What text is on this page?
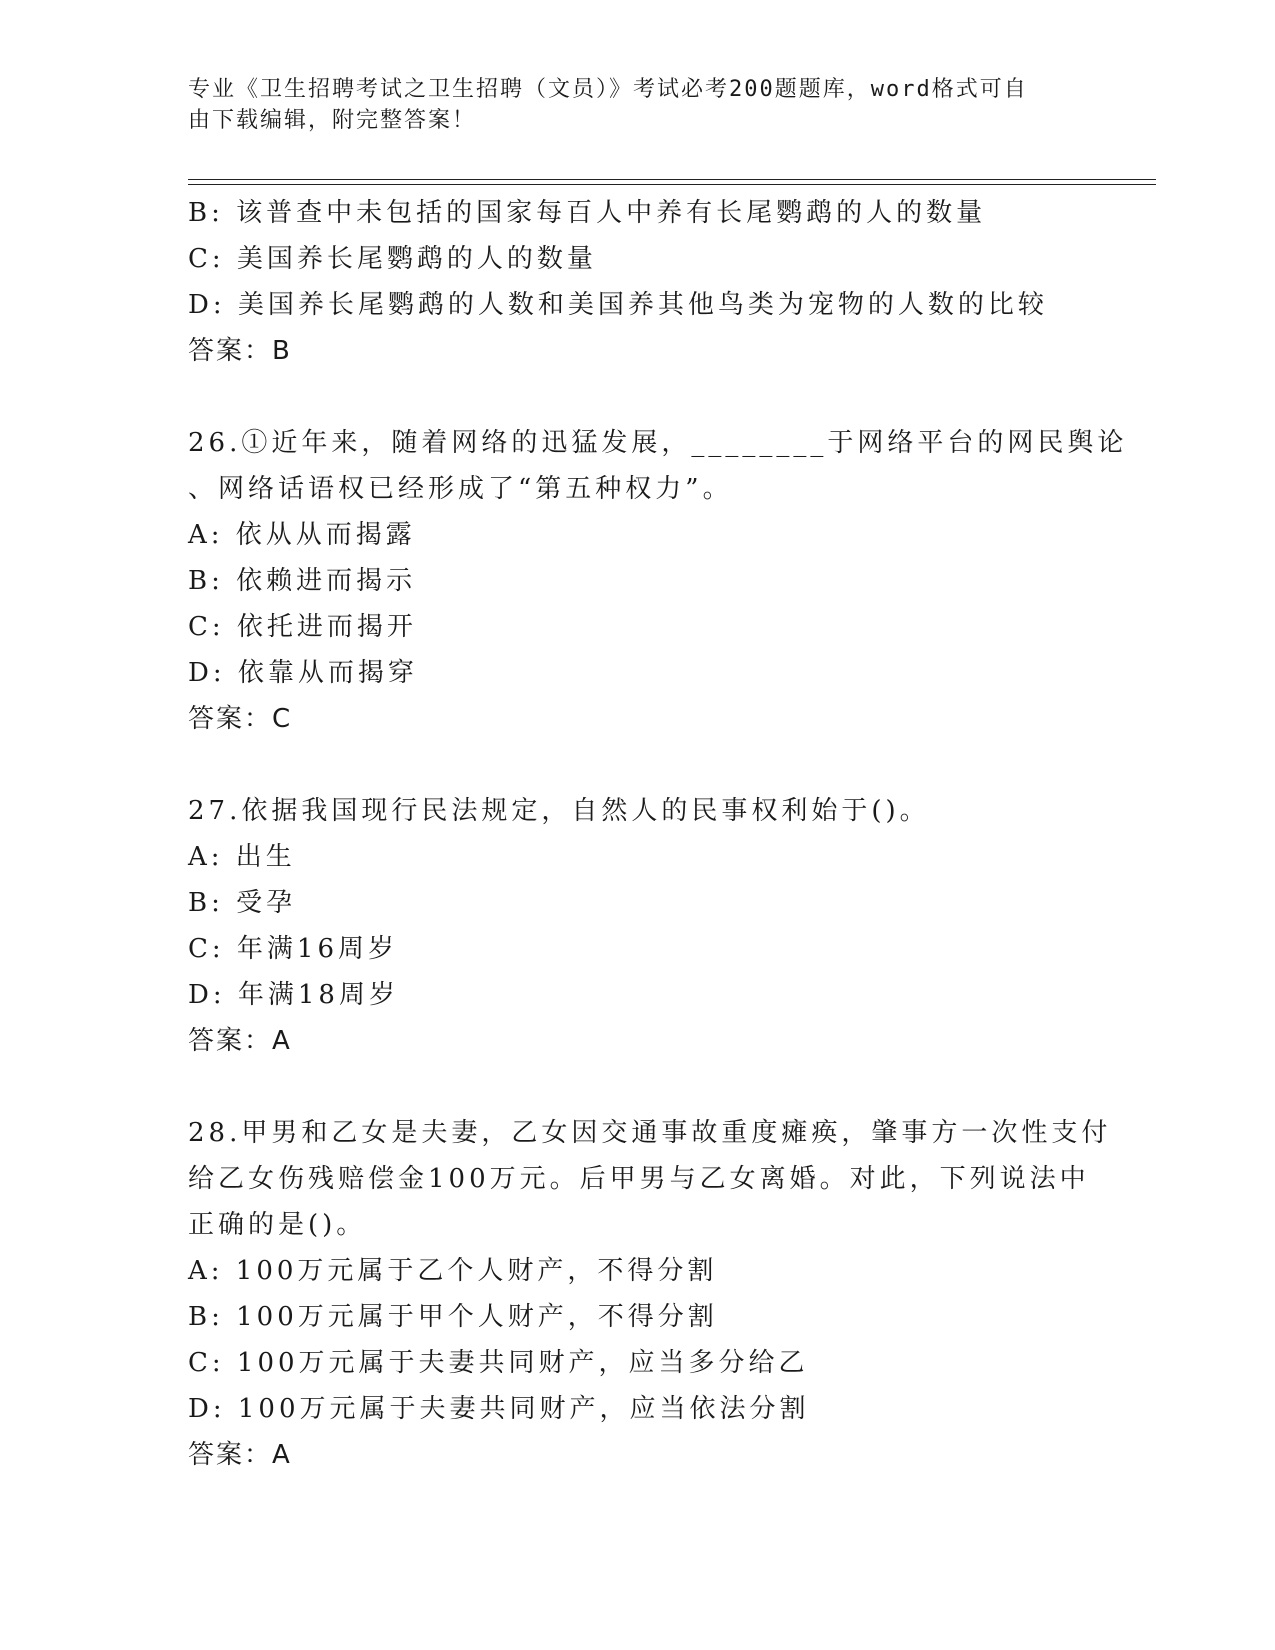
专业《卫生招聘考试之卫生招聘（文员）》考试必考200题题库，word格式可自
由下载编辑，附完整答案！
B: 该普查中未包括的国家每百人中养有长尾鹦鹉的人的数量
C: 美国养长尾鹦鹉的人的数量
D: 美国养长尾鹦鹉的人数和美国养其他鸟类为宠物的人数的比较
答案：B
26.①近年来，随着网络的迅猛发展，________于网络平台的网民舆论
、网络话语权已经形成了“第五种权力”。
A: 依从从而揭露
B: 依赖进而揭示
C: 依托进而揭开
D: 依靠从而揭穿
答案：C
27.依据我国现行民法规定，自然人的民事权利始于()。
A: 出生
B: 受孕
C: 年满16周岁
D: 年满18周岁
答案：A
28.甲男和乙女是夫妻，乙女因交通事故重度瘫痪，肇事方一次性支付
给乙女伤残赔偿金100万元。后甲男与乙女离婚。对此，下列说法中
正确的是()。
A: 100万元属于乙个人财产，不得分割
B: 100万元属于甲个人财产，不得分割
C: 100万元属于夫妻共同财产，应当多分给乙
D: 100万元属于夫妻共同财产，应当依法分割
答案：A
